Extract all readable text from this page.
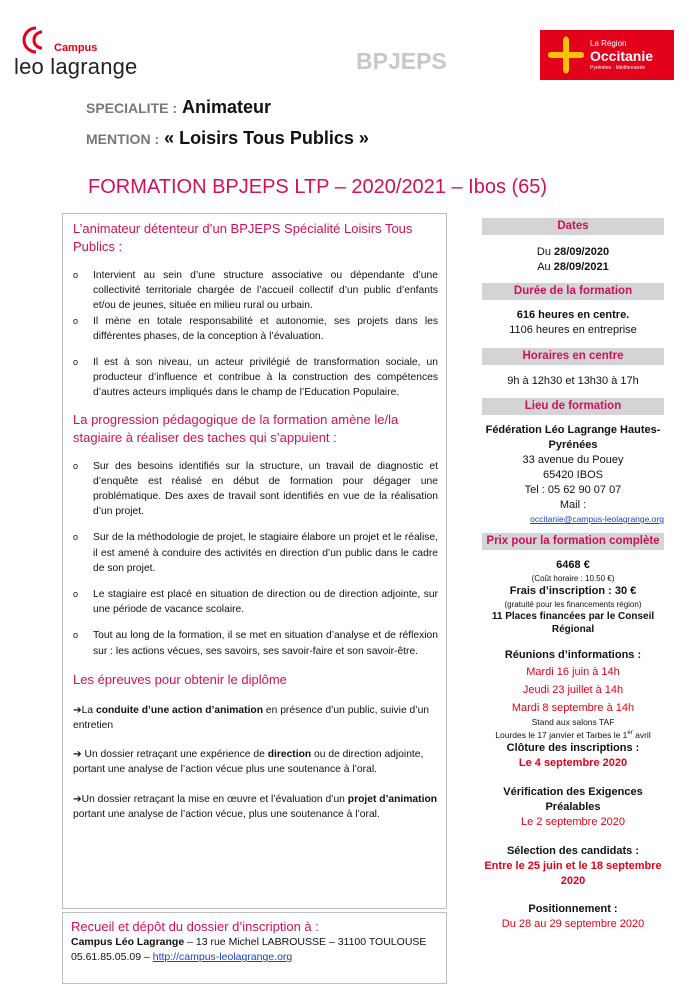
Campus
leo lagrange	BPJEPS
La Région
Occitanie
Pyrénées · Méditerranée
SPECIALITE : Animateur
MENTION : « Loisirs Tous Publics »
FORMATION BPJEPS LTP – 2020/2021 – Ibos (65)
L’animateur détenteur d’un BPJEPS Spécialité Loisirs Tous Publics :
o Intervient au sein d’une structure associative ou dépendante d’une collectivité territoriale chargée de l’accueil collectif d’un public d’enfants et/ou de jeunes, située en milieu rural ou urbain.
o Il mène en totale responsabilité et autonomie, ses projets dans les différentes phases, de la conception à l’évaluation.
o Il est à son niveau, un acteur privilégié de transformation sociale, un producteur d’influence et contribue à la construction des compétences d’autres acteurs impliqués dans le champ de l’Education Populaire.
La progression pédagogique de la formation amène le/la stagiaire à réaliser des taches qui s’appuient :
o Sur des besoins identifiés sur la structure, un travail de diagnostic et d’enquête est réalisé en début de formation pour dégager une problématique. Des axes de travail sont identifiés en vue de la réalisation d’un projet.
o Sur de la méthodologie de projet, le stagiaire élabore un projet et le réalise, il est amené à conduire des activités en direction d’un public dans le cadre de son projet.
o Le stagiaire est placé en situation de direction ou de direction adjointe, sur une période de vacance scolaire.
o Tout au long de la formation, il se met en situation d’analyse et de réflexion sur : les actions vécues, ses savoirs, ses savoir-faire et son savoir-être.
Les épreuves pour obtenir le diplôme
➔La conduite d’une action d’animation en présence d’un public, suivie d’un entretien
➔ Un dossier retraçant une expérience de direction ou de direction adjointe, portant une analyse de l’action vécue plus une soutenance à l’oral.
➔Un dossier retraçant la mise en œuvre et l’évaluation d’un projet d’animation portant une analyse de l’action vécue, plus une soutenance à l’oral.
Recueil et dépôt du dossier d’inscription à :
Campus Léo Lagrange – 13 rue Michel LABROUSSE – 31100 TOULOUSE
05.61.85.05.09 – http://campus-leolagrange.org
Dates
Du 28/09/2020
Au 28/09/2021
Durée de la formation
616 heures en centre.
1106 heures en entreprise
Horaires en centre
9h à 12h30 et 13h30 à 17h
Lieu de formation
Fédération Léo Lagrange Hautes-Pyrénées
33 avenue du Pouey
65420 IBOS
Tel : 05 62 90 07 07
Mail :
occitanie@campus-leolagrange.org
Prix pour la formation complète
6468 €
(Coût horaire : 10.50 €)
Frais d’inscription : 30 €
(gratuité pour les financements région)
11 Places financées par le Conseil Régional
Réunions d’informations :
Mardi 16 juin à 14h
Jeudi 23 juillet à 14h
Mardi 8 septembre à 14h
Stand aux salons TAF
Lourdes le 17 janvier et Tarbes le 1er avril
Clôture des inscriptions :
Le 4 septembre 2020
Vérification des Exigences Préalables
Le 2 septembre 2020
Sélection des candidats :
Entre le 25 juin et le 18 septembre 2020
Positionnement :
Du 28 au 29 septembre 2020
